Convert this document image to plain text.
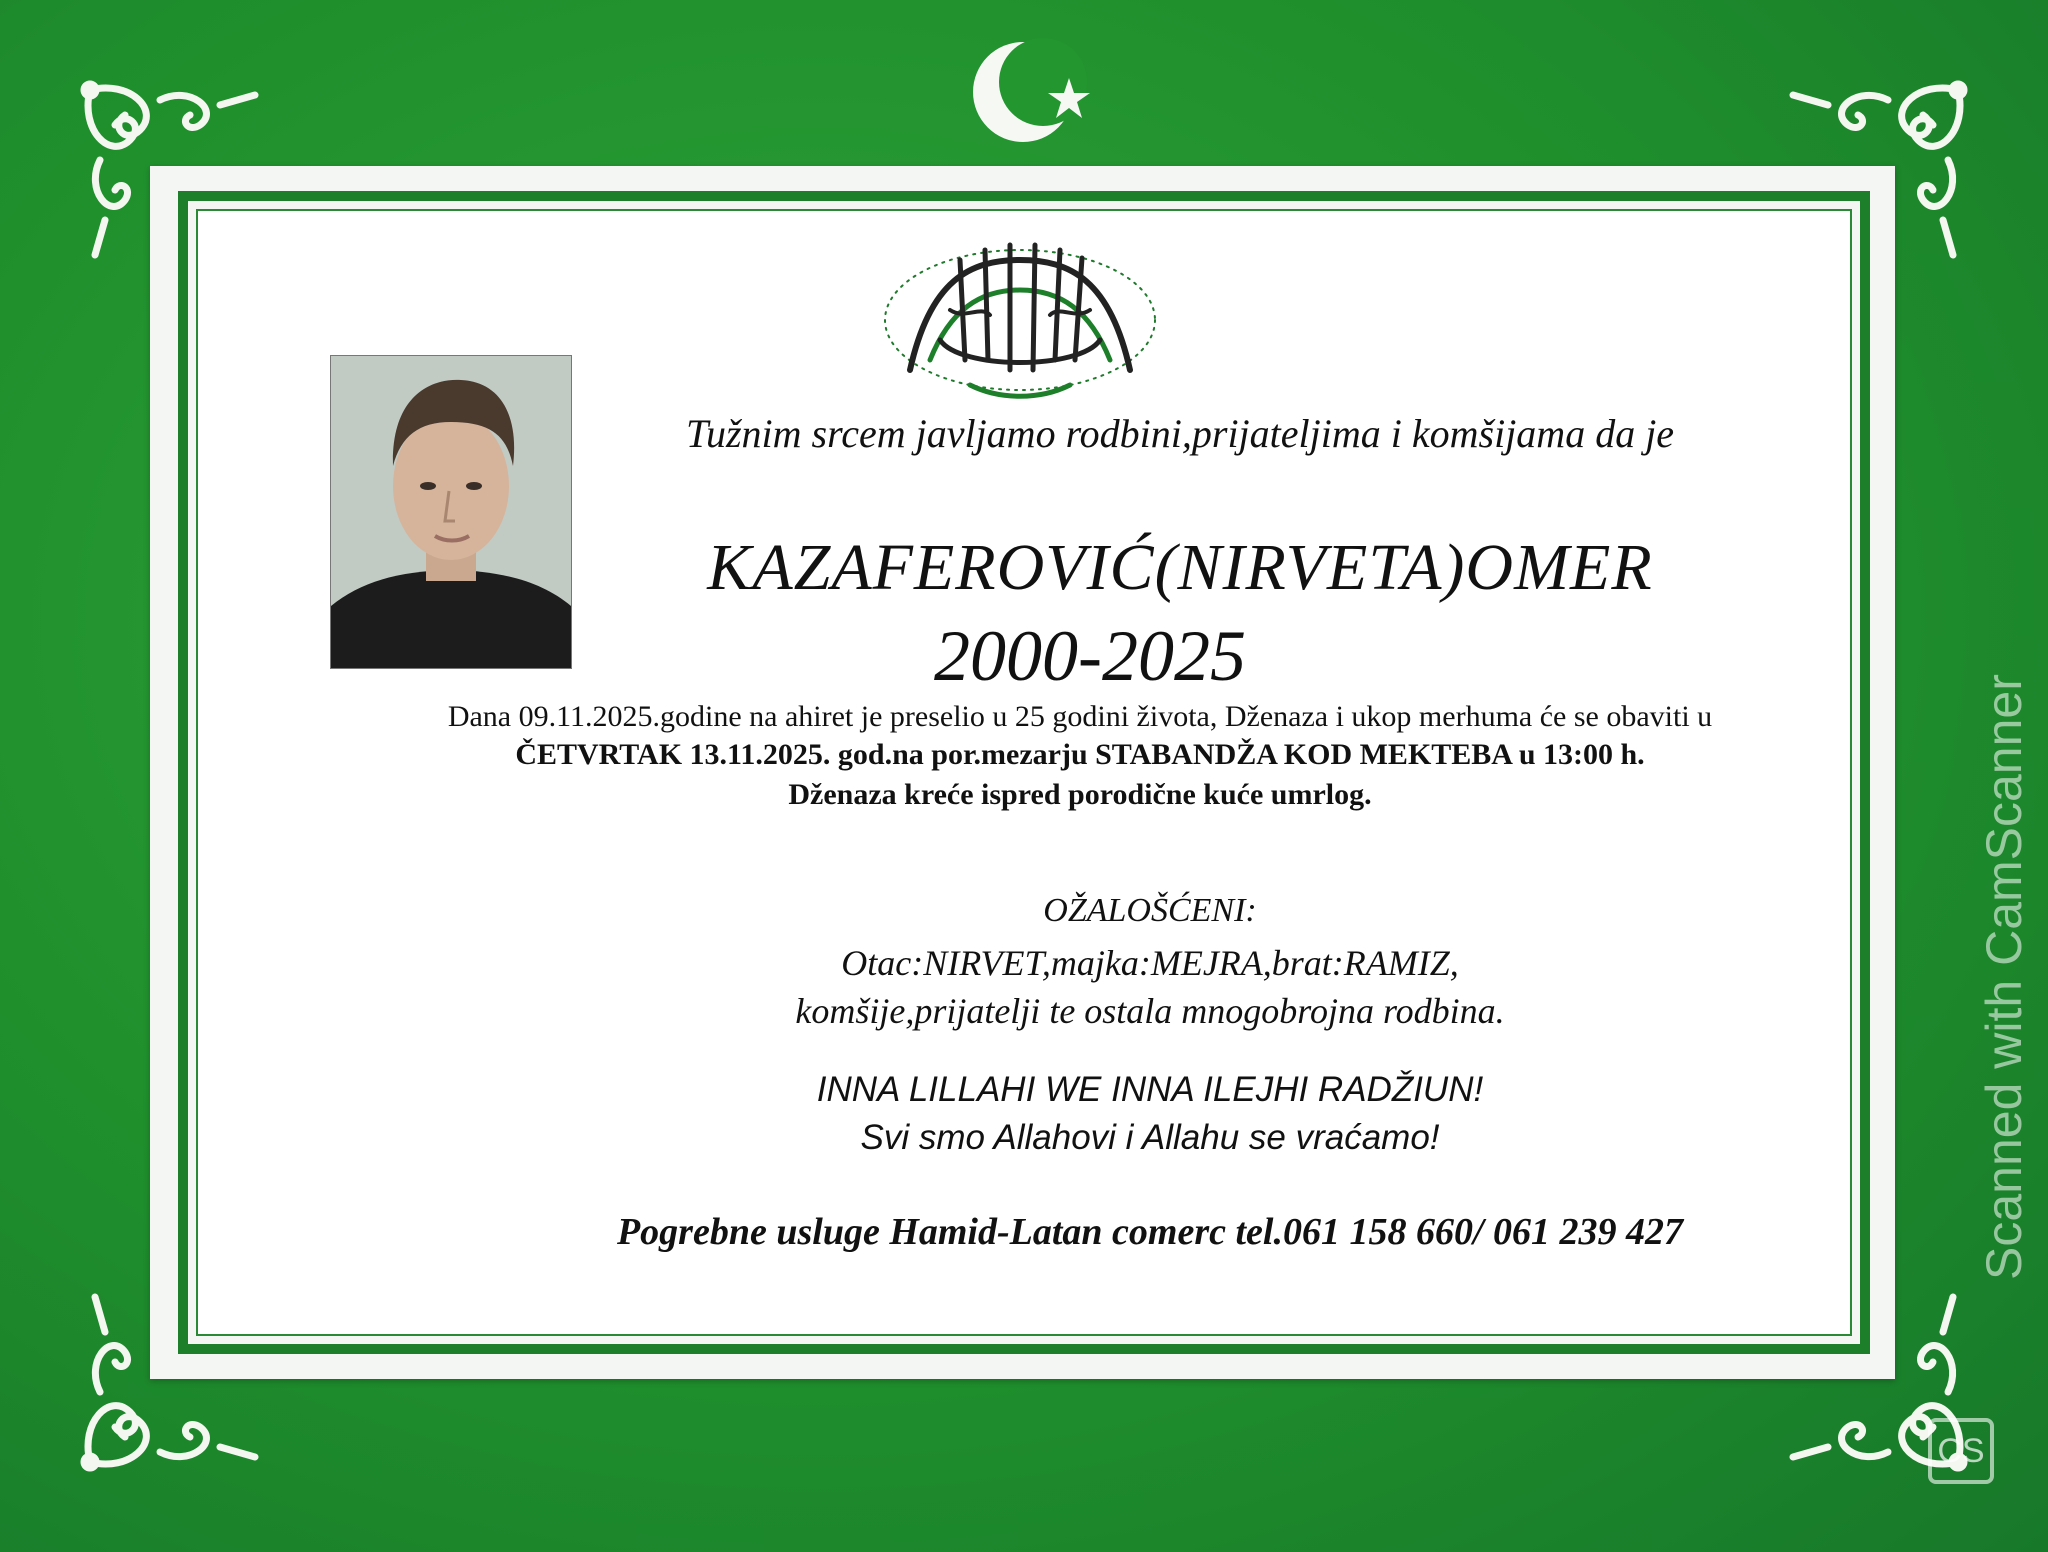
Tužnim srcem javljamo rodbini,prijateljima i komšijama da je
KAZAFEROVIĆ(NIRVETA)OMER
2000-2025
Dana 09.11.2025.godine na ahiret je preselio u 25 godini života, Dženaza i ukop merhuma će se obaviti u
ČETVRTAK 13.11.2025. god.na por.mezarju STABANDŽA KOD MEKTEBA u 13:00 h.
Dženaza kreće ispred porodične kuće umrlog.
OŽALOŠĆENI:
Otac:NIRVET,majka:MEJRA,brat:RAMIZ,
komšije,prijatelji te ostala mnogobrojna rodbina.
INNA LILLAHI WE INNA ILEJHI RADŽIUN!
Svi smo Allahovi i Allahu se vraćamo!
Pogrebne usluge Hamid-Latan comerc tel.061 158 660/ 061 239 427	Scanned with CamScanner
CS
